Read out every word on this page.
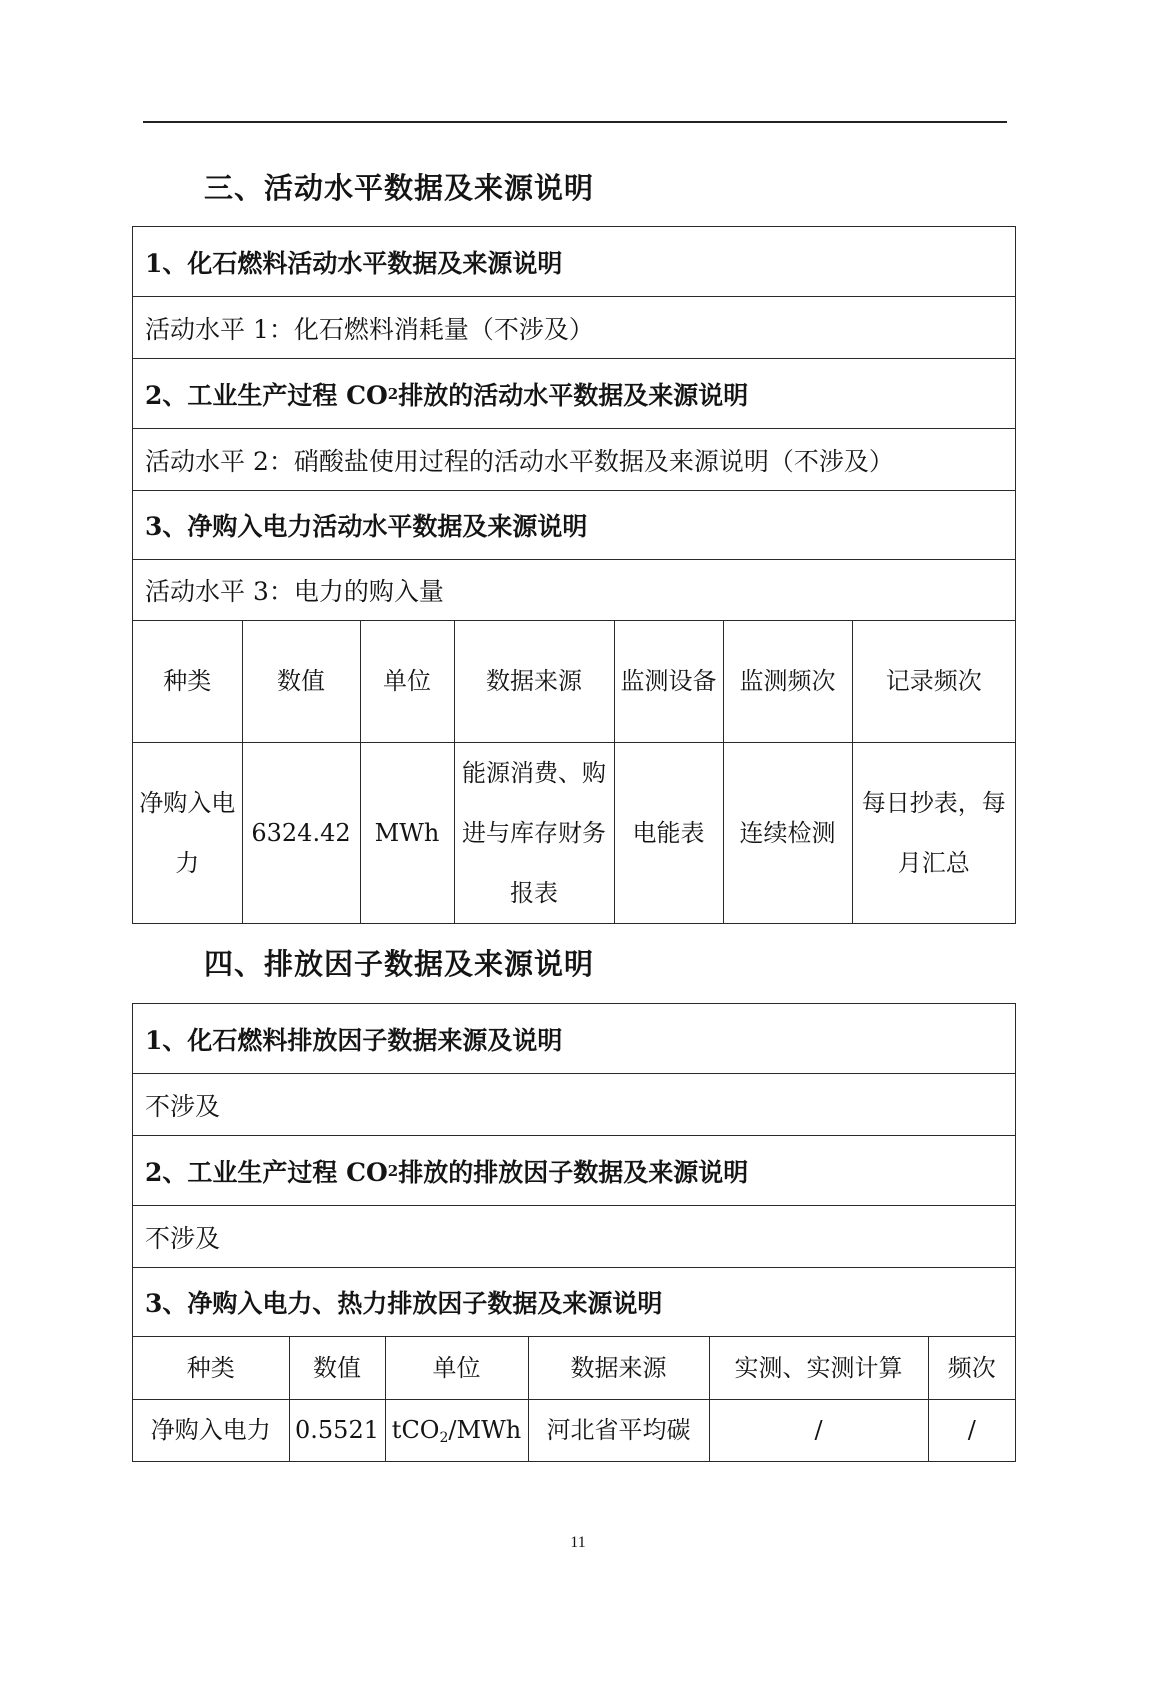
三、活动水平数据及来源说明
1、化石燃料活动水平数据及来源说明
活动水平 1：化石燃料消耗量（不涉及）
2、工业生产过程 CO 2 排放的活动水平数据及来源说明
活动水平 2：硝酸盐使用过程的活动水平数据及来源说明（不涉及）
3、净购入电力活动水平数据及来源说明
活动水平 3：电力的购入量
种类	数值	单位	数据来源	监测设备	监测频次	记录频次
净购入电力	6324.42	MWh	能源消费、购进与库存财务报表	电能表	连续检测	每日抄表，每月汇总
四、排放因子数据及来源说明
1、化石燃料排放因子数据来源及说明
不涉及
2、工业生产过程 CO 2 排放的排放因子数据及来源说明
不涉及
3、净购入电力、热力排放因子数据及来源说明
种类	数值	单位	数据来源	实测、实测计算	频次
净购入电力	0.5521	tCO$_2$/MWh	河北省平均碳	/	/
11
